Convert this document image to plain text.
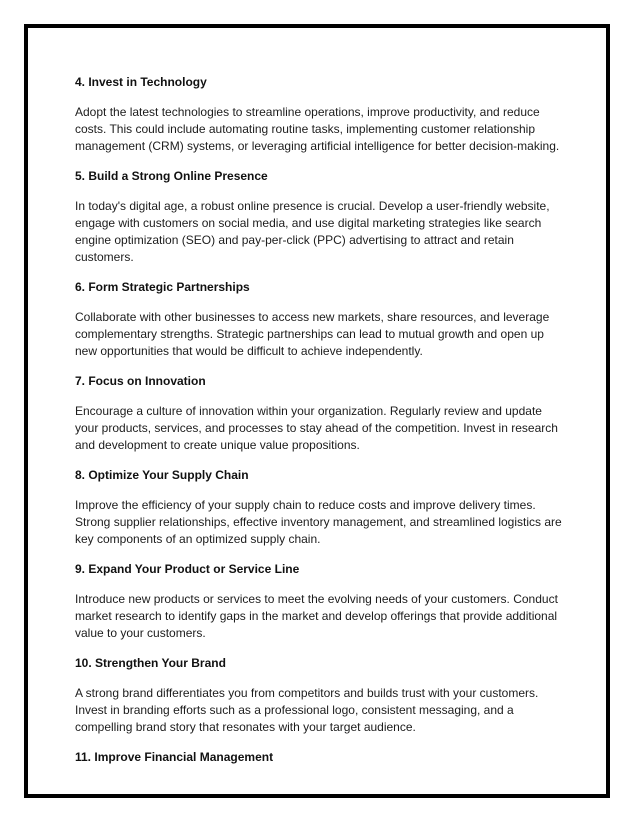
4. Invest in Technology

Adopt the latest technologies to streamline operations, improve productivity, and reduce costs. This could include automating routine tasks, implementing customer relationship management (CRM) systems, or leveraging artificial intelligence for better decision-making.

5. Build a Strong Online Presence

In today's digital age, a robust online presence is crucial. Develop a user-friendly website, engage with customers on social media, and use digital marketing strategies like search engine optimization (SEO) and pay-per-click (PPC) advertising to attract and retain customers.

6. Form Strategic Partnerships

Collaborate with other businesses to access new markets, share resources, and leverage complementary strengths. Strategic partnerships can lead to mutual growth and open up new opportunities that would be difficult to achieve independently.

7. Focus on Innovation

Encourage a culture of innovation within your organization. Regularly review and update your products, services, and processes to stay ahead of the competition. Invest in research and development to create unique value propositions.

8. Optimize Your Supply Chain

Improve the efficiency of your supply chain to reduce costs and improve delivery times. Strong supplier relationships, effective inventory management, and streamlined logistics are key components of an optimized supply chain.

9. Expand Your Product or Service Line

Introduce new products or services to meet the evolving needs of your customers. Conduct market research to identify gaps in the market and develop offerings that provide additional value to your customers.

10. Strengthen Your Brand

A strong brand differentiates you from competitors and builds trust with your customers. Invest in branding efforts such as a professional logo, consistent messaging, and a compelling brand story that resonates with your target audience.

11. Improve Financial Management
